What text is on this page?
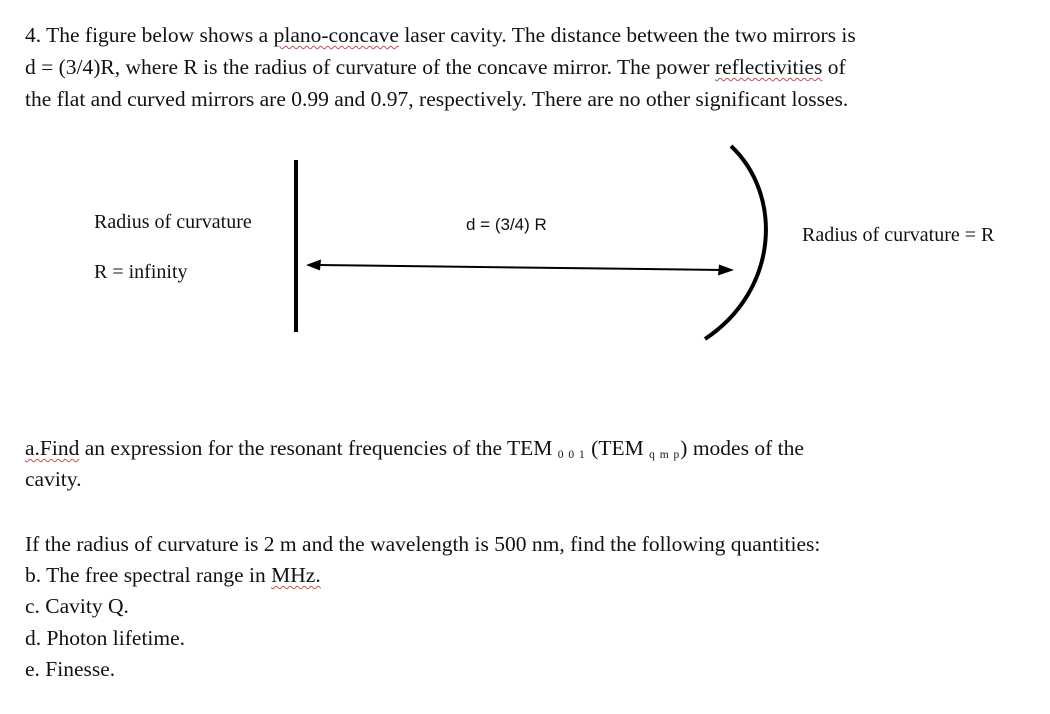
4. The figure below shows a plano-concave laser cavity. The distance between the two mirrors is
d = (3/4)R, where R is the radius of curvature of the concave mirror. The power reflectivities of
the flat and curved mirrors are 0.99 and 0.97, respectively. There are no other significant losses.
Radius of curvature
R = infinity
d = (3/4) R	Radius of curvature = R
a.Find an expression for the resonant frequencies of the TEM $_{0 0 1}$ (TEM $_{q m p}$) modes of the
cavity.
If the radius of curvature is 2 m and the wavelength is 500 nm, find the following quantities:
b. The free spectral range in MHz.
c. Cavity Q.
d. Photon lifetime.
e. Finesse.
